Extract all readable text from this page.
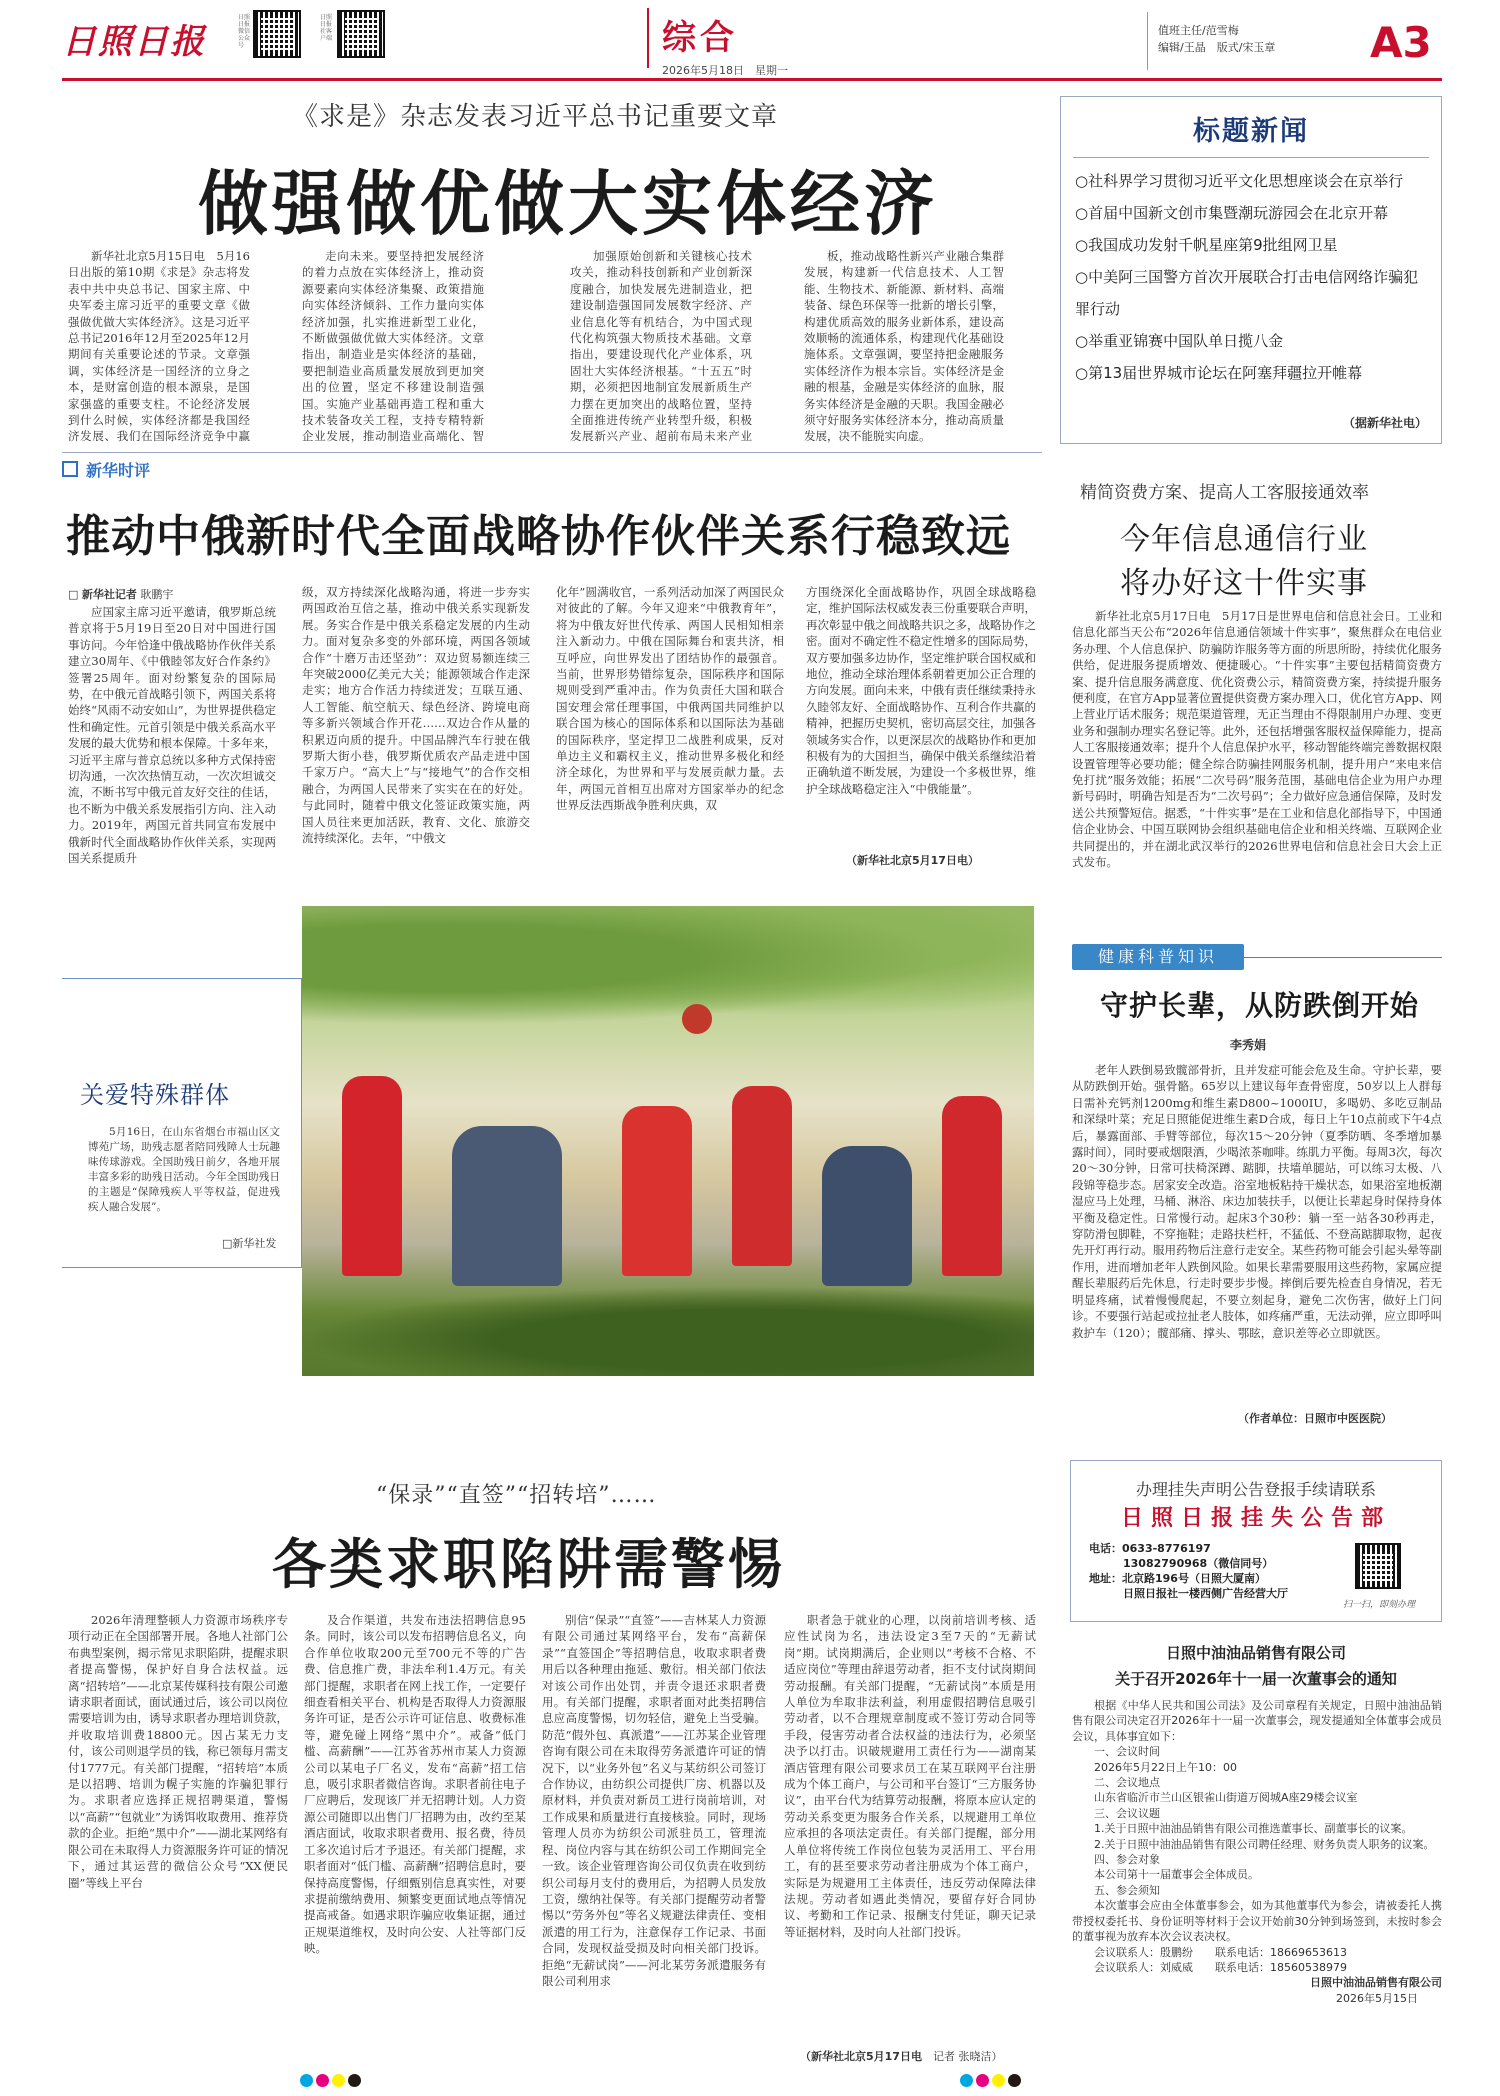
日照日报
日照日报微信公众号
日照日报社客户端	综合
2026年5月18日　 星期一
值班主任/范雪梅
编辑/王晶　 版式/宋玉章 A3
《求是》杂志发表习近平总书记重要文章
做强做优做大实体经济
新华社北京5月15日电　5月16日出版的第10期《求是》杂志将发表中共中央总书记、国家主席、中央军委主席习近平的重要文章《做强做优做大实体经济》。这是习近平总书记2016年12月至2025年12月期间有关重要论述的节录。文章强调，实体经济是一国经济的立身之本，是财富创造的根本源泉，是国家强盛的重要支柱。不论经济发展到什么时候，实体经济都是我国经济发展、我们在国际经济竞争中赢
走向未来。要坚持把发展经济的着力点放在实体经济上，推动资源要素向实体经济集聚、政策措施向实体经济倾斜、工作力量向实体经济加强，扎实推进新型工业化，不断做强做优做大实体经济。文章指出，制造业是实体经济的基础，要把制造业高质量发展放到更加突出的位置，坚定不移建设制造强国。实施产业基础再造工程和重大技术装备攻关工程，支持专精特新企业发展，推动制造业高端化、智
加强原始创新和关键核心技术攻关，推动科技创新和产业创新深度融合，加快发展先进制造业，把建设制造强国同发展数字经济、产业信息化等有机结合，为中国式现代化构筑强大物质技术基础。文章指出，要建设现代化产业体系，巩固壮大实体经济根基。“十五五”时期，必须把因地制宜发展新质生产力摆在更加突出的战略位置，坚持全面推进传统产业转型升级，积极发展新兴产业、超前布局未来产业
板，推动战略性新兴产业融合集群发展，构建新一代信息技术、人工智能、生物技术、新能源、新材料、高端装备、绿色环保等一批新的增长引擎，构建优质高效的服务业新体系，建设高效顺畅的流通体系，构建现代化基础设施体系。文章强调，要坚持把金融服务实体经济作为根本宗旨。实体经济是金融的根基，金融是实体经济的血脉，服务实体经济是金融的天职。我国金融必须守好服务实体经济本分，推动高质量发展，决不能脱实向虚。
标题新闻
○社科界学习贯彻习近平文化思想座谈会在京举行
○首届中国新文创市集暨潮玩游园会在北京开幕
○我国成功发射千帆星座第9批组网卫星
○中美阿三国警方首次开展联合打击电信网络诈骗犯罪行动
○举重亚锦赛中国队单日揽八金
○第13届世界城市论坛在阿塞拜疆拉开帷幕
（据新华社电）
新华时评
推动中俄新时代全面战略协作伙伴关系行稳致远
□ 新华社记者 耿鹏宇
应国家主席习近平邀请，俄罗斯总统普京将于5月19日至20日对中国进行国事访问。今年恰逢中俄战略协作伙伴关系建立30周年、《中俄睦邻友好合作条约》签署25周年。面对纷繁复杂的国际局势，在中俄元首战略引领下，两国关系将始终“风雨不动安如山”，为世界提供稳定性和确定性。元首引领是中俄关系高水平发展的最大优势和根本保障。十多年来，习近平主席与普京总统以多种方式保持密切沟通，一次次热情互动，一次次坦诚交流，不断书写中俄元首友好交往的佳话，也不断为中俄关系发展指引方向、注入动力。2019年，两国元首共同宣布发展中俄新时代全面战略协作伙伴关系，实现两国关系提质升
级，双方持续深化战略沟通，将进一步夯实两国政治互信之基，推动中俄关系实现新发展。务实合作是中俄关系稳定发展的内生动力。面对复杂多变的外部环境，两国各领域合作“十磨万击还坚劲”：双边贸易额连续三年突破2000亿美元大关；能源领域合作走深走实；地方合作活力持续迸发；互联互通、人工智能、航空航天、绿色经济、跨境电商等多新兴领域合作开花……双边合作从量的积累迈向质的提升。中国品牌汽车行驶在俄罗斯大街小巷，俄罗斯优质农产品走进中国千家万户。“高大上”与“接地气”的合作交相融合，为两国人民带来了实实在在的好处。与此同时，随着中俄文化签证政策实施，两国人员往来更加活跃，教育、文化、旅游交流持续深化。去年，“中俄文
化年”圆满收官，一系列活动加深了两国民众对彼此的了解。今年又迎来“中俄教育年”，将为中俄友好世代传承、两国人民相知相亲注入新动力。中俄在国际舞台和衷共济，相互呼应，向世界发出了团结协作的最强音。当前，世界形势错综复杂，国际秩序和国际规则受到严重冲击。作为负责任大国和联合国安理会常任理事国，中俄两国共同维护以联合国为核心的国际体系和以国际法为基础的国际秩序，坚定捍卫二战胜利成果，反对单边主义和霸权主义，推动世界多极化和经济全球化，为世界和平与发展贡献力量。去年，两国元首相互出席对方国家举办的纪念世界反法西斯战争胜利庆典，双
方围绕深化全面战略协作，巩固全球战略稳定，维护国际法权威发表三份重要联合声明，再次彰显中俄之间战略共识之多，战略协作之密。面对不确定性不稳定性增多的国际局势，双方要加强多边协作，坚定维护联合国权威和地位，推动全球治理体系朝着更加公正合理的方向发展。面向未来，中俄有责任继续秉持永久睦邻友好、全面战略协作、互利合作共赢的精神，把握历史契机，密切高层交往，加强各领域务实合作，以更深层次的战略协作和更加积极有为的大国担当，确保中俄关系继续沿着正确轨道不断发展，为建设一个多极世界，维护全球战略稳定注入“中俄能量”。
（新华社北京5月17日电）
精简资费方案、提高人工客服接通效率
今年信息通信行业
将办好这十件实事
新华社北京5月17日电　5月17日是世界电信和信息社会日。工业和信息化部当天公布“2026年信息通信领域十件实事”，聚焦群众在电信业务办理、个人信息保护、防骗防诈服务等方面的所思所盼，持续优化服务供给，促进服务提质增效、便捷暖心。“十件实事”主要包括精简资费方案、提升信息服务满意度、优化资费公示，精简资费方案，持续提升服务便利度，在官方App显著位置提供资费方案办理入口，优化官方App、网上营业厅话术服务；规范渠道管理，无正当理由不得限制用户办理、变更业务和强制办理实名登记等。此外，还包括增强客服权益保障能力，提高人工客服接通效率；提升个人信息保护水平，移动智能终端完善数据权限设置管理等必要功能；健全综合防骗挂网服务机制，提升用户“来电来信免打扰”服务效能；拓展“二次号码”服务范围，基础电信企业为用户办理新号码时，明确告知是否为“二次号码”；全力做好应急通信保障，及时发送公共预警短信。据悉，“十件实事”是在工业和信息化部指导下，中国通信企业协会、中国互联网协会组织基础电信企业和相关终端、互联网企业共同提出的，并在湖北武汉举行的2026世界电信和信息社会日大会上正式发布。
关爱特殊群体
5月16日，在山东省烟台市福山区文博苑广场，助残志愿者陪同残障人士玩趣味传球游戏。全国助残日前夕，各地开展丰富多彩的助残日活动。今年全国助残日的主题是“保障残疾人平等权益，促进残疾人融合发展”。
□新华社发
健康科普知识
守护长辈，从防跌倒开始
李秀娟
老年人跌倒易致髋部骨折，且并发症可能会危及生命。守护长辈，要从防跌倒开始。强骨骼。65岁以上建议每年查骨密度，50岁以上人群每日需补充钙剂1200mg和维生素D800~1000IU，多喝奶、多吃豆制品和深绿叶菜；充足日照能促进维生素D合成，每日上午10点前或下午4点后，暴露面部、手臂等部位，每次15～20分钟（夏季防晒、冬季增加暴露时间），同时要戒烟限酒，少喝浓茶咖啡。练肌力平衡。每周3次，每次20～30分钟，日常可扶椅深蹲、踮脚，扶墙单腿站，可以练习太极、八段锦等稳步态。居家安全改造。浴室地板粘持干燥状态，如果浴室地板潮湿应马上处理，马桶、淋浴、床边加装扶手，以便让长辈起身时保持身体平衡及稳定性。日常慢行动。起床3个30秒：躺一至一站各30秒再走，穿防滑包脚鞋，不穿拖鞋；走路扶栏杆，不猛低、不登高踮脚取物，起夜先开灯再行动。服用药物后注意行走安全。某些药物可能会引起头晕等副作用，进而增加老年人跌倒风险。如果长辈需要服用这些药物，家属应提醒长辈服药后先休息，行走时要步步慢。摔倒后要先检查自身情况，若无明显疼痛，试着慢慢爬起，不要立刻起身，避免二次伤害，做好上门问诊。不要强行站起或拉扯老人肢体，如疼痛严重，无法动弹，应立即呼叫救护车（120）；髋部痛、撑头、鄂眩，意识差等必立即就医。
（作者单位：日照市中医医院）
“保录”“直签”“招转培”……
各类求职陷阱需警惕
2026年清理整顿人力资源市场秩序专项行动正在全国部署开展。各地人社部门公布典型案例，揭示常见求职陷阱，提醒求职者提高警惕，保护好自身合法权益。远离“招转培”——北京某传媒科技有限公司邀请求职者面试，面试通过后，该公司以岗位需要培训为由，诱导求职者办理培训贷款，并收取培训费18800元。因占某无力支付，该公司则退学员的钱，称已领每月需支付1777元。有关部门提醒，“招转培”本质是以招聘、培训为幌子实施的诈骗犯罪行为。求职者应选择正规招聘渠道，警惕以“高薪”“包就业”为诱饵收取费用、推荐贷款的企业。拒绝“黑中介”——湖北某网络有限公司在未取得人力资源服务许可证的情况下，通过其运营的微信公众号“XX便民圈”等线上平台
及合作渠道，共发布违法招聘信息95条。同时，该公司以发布招聘信息名义，向合作单位收取200元至700元不等的广告费、信息推广费，非法牟利1.4万元。有关部门提醒，求职者在网上找工作，一定要仔细查看相关平台、机构是否取得人力资源服务许可证，是否公示许可证信息、收费标准等，避免碰上网络“黑中介”。戒备“低门槛、高薪酬”——江苏省苏州市某人力资源公司以某电子厂名义，发布“高薪”招工信息，吸引求职者微信咨询。求职者前往电子厂应聘后，发现该厂并无招聘计划。人力资源公司随即以出售门厂招聘为由，改约至某酒店面试，收取求职者费用、报名费，待员工多次追讨后才予退还。有关部门提醒，求职者面对“低门槛、高薪酬”招聘信息时，要保持高度警惕，仔细甄别信息真实性，对要求提前缴纳费用、频繁变更面试地点等情况提高戒备。如遇求职诈骗应收集证据，通过正规渠道维权，及时向公安、人社等部门反映。
别信“保录”“直签”——吉林某人力资源有限公司通过某网络平台，发布“高薪保录”“直签国企”等招聘信息，收取求职者费用后以各种理由拖延、敷衍。相关部门依法对该公司作出处罚，并责令退还求职者费用。有关部门提醒，求职者面对此类招聘信息应高度警惕，切勿轻信，避免上当受骗。防范“假外包、真派遣”——江苏某企业管理咨询有限公司在未取得劳务派遣许可证的情况下，以“业务外包”名义与某纺织公司签订合作协议，由纺织公司提供厂房、机器以及原材料，并负责对新员工进行岗前培训，对工作成果和质量进行直接核验。同时，现场管理人员亦为纺织公司派驻员工，管理流程、岗位内容与其在纺织公司工作期间完全一致。该企业管理咨询公司仅负责在收到纺织公司每月支付的费用后，为招聘人员发放工资，缴纳社保等。有关部门提醒劳动者警惕以“劳务外包”等名义规避法律责任、变相派遣的用工行为，注意保存工作记录、书面合同，发现权益受损及时向相关部门投诉。拒绝“无薪试岗”——河北某劳务派遣服务有限公司利用求
职者急于就业的心理，以岗前培训考核、适应性试岗为名，违法设定3至7天的“无薪试岗”期。试岗期满后，企业则以“考核不合格、不适应岗位”等理由辞退劳动者，拒不支付试岗期间劳动报酬。有关部门提醒，“无薪试岗”本质是用人单位为牟取非法利益，利用虚假招聘信息吸引劳动者，以不合理规章制度或不签订劳动合同等手段，侵害劳动者合法权益的违法行为，必须坚决予以打击。识破规避用工责任行为——湖南某酒店管理有限公司要求员工在某互联网平台注册成为个体工商户，与公司和平台签订“三方服务协议”，由平台代为结算劳动报酬，将原本应认定的劳动关系变更为服务合作关系，以规避用工单位应承担的各项法定责任。有关部门提醒，部分用人单位将传统工作岗位包装为灵活用工、平台用工，有的甚至要求劳动者注册成为个体工商户，实际是为规避用工主体责任，违反劳动保障法律法规。劳动者如遇此类情况，要留存好合同协议、考勤和工作记录、报酬支付凭证，聊天记录等证据材料，及时向人社部门投诉。
（新华社北京5月17日电　 记者 张晓洁）
办理挂失声明公告登报手续请联系
日照日报挂失公告部
电话：0633-8776197
13082790968（微信同号）
地址：北京路196号（日照大厦南）
日照日报社一楼西侧广告经营大厅
扫一扫，即刻办理
日照中油油品销售有限公司
关于召开2026年十一届一次董事会的通知
根据《中华人民共和国公司法》及公司章程有关规定，日照中油油品销售有限公司决定召开2026年十一届一次董事会，现发提通知全体董事会成员会议，具体事宜如下：
一、会议时间
2026年5月22日上午10：00
二、会议地点
山东省临沂市兰山区银雀山街道万阅城A座29楼会议室
三、会议议题
1.关于日照中油油品销售有限公司推选董事长、副董事长的议案。
2.关于日照中油油品销售有限公司聘任经理、财务负责人职务的议案。
四、参会对象
本公司第十一届董事会全体成员。
五、参会须知
本次董事会应由全体董事参会，如为其他董事代为参会，请被委托人携带授权委托书、身份证明等材料于会议开始前30分钟到场签到，未按时参会的董事视为放弃本次会议表决权。
会议联系人：殷鹏纷　　联系电话：18669653613
会议联系人：刘威威　　联系电话：18560538979
日照中油油品销售有限公司
2026年5月15日
